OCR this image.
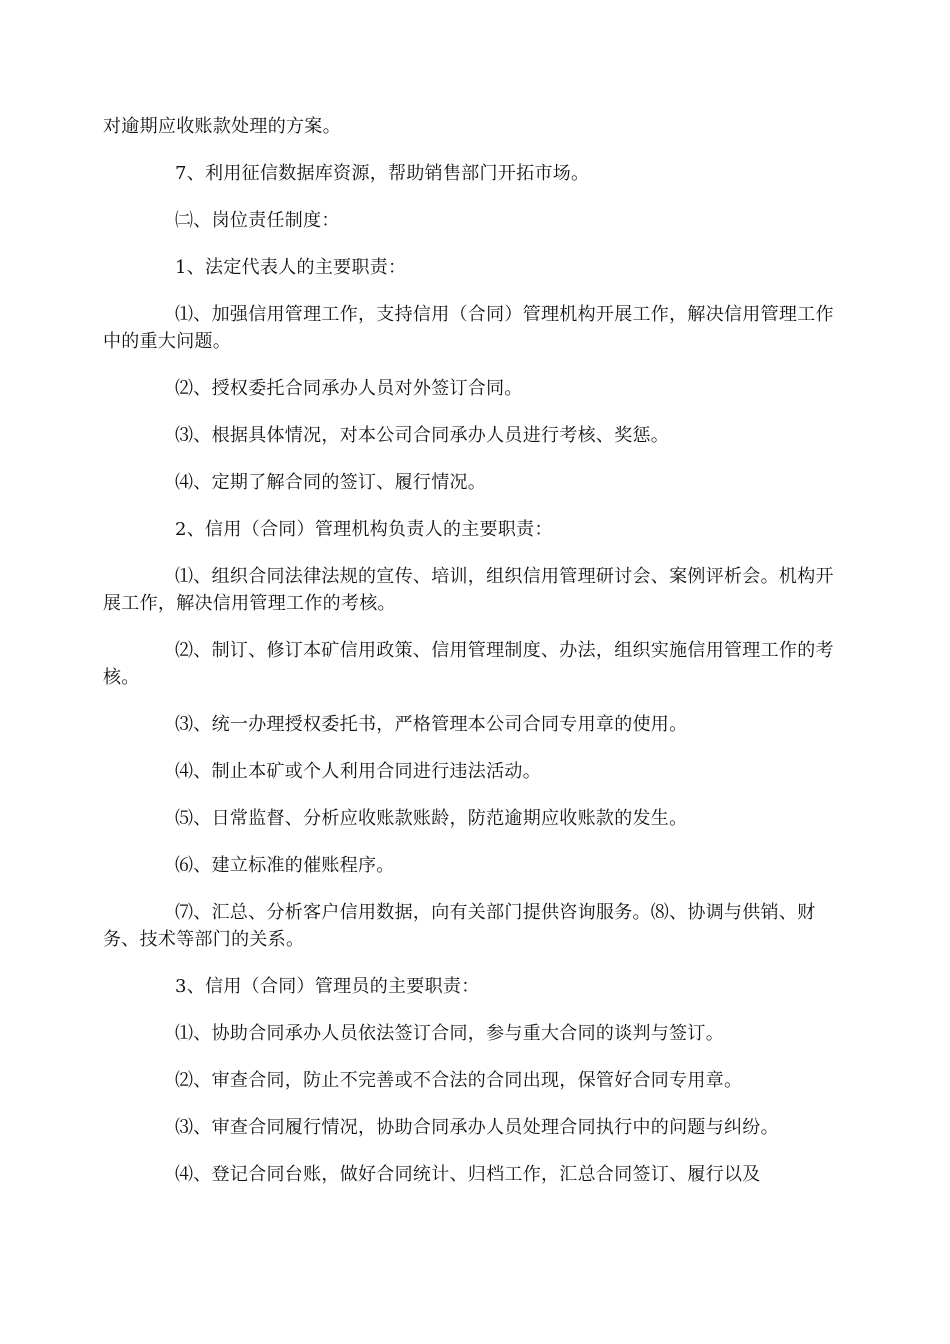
对逾期应收账款处理的方案。

7、利用征信数据库资源，帮助销售部门开拓市场。

㈡、岗位责任制度：

1、法定代表人的主要职责：

⑴、加强信用管理工作，支持信用（合同）管理机构开展工作，解决信用管理工作中的重大问题。

⑵、授权委托合同承办人员对外签订合同。

⑶、根据具体情况，对本公司合同承办人员进行考核、奖惩。

⑷、定期了解合同的签订、履行情况。

2、信用（合同）管理机构负责人的主要职责：

⑴、组织合同法律法规的宣传、培训，组织信用管理研讨会、案例评析会。机构开展工作，解决信用管理工作的考核。

⑵、制订、修订本矿信用政策、信用管理制度、办法，组织实施信用管理工作的考核。

⑶、统一办理授权委托书，严格管理本公司合同专用章的使用。

⑷、制止本矿或个人利用合同进行违法活动。

⑸、日常监督、分析应收账款账龄，防范逾期应收账款的发生。

⑹、建立标准的催账程序。

⑺、汇总、分析客户信用数据，向有关部门提供咨询服务。⑻、协调与供销、财务、技术等部门的关系。

3、信用（合同）管理员的主要职责：

⑴、协助合同承办人员依法签订合同，参与重大合同的谈判与签订。

⑵、审查合同，防止不完善或不合法的合同出现，保管好合同专用章。

⑶、审查合同履行情况，协助合同承办人员处理合同执行中的问题与纠纷。

⑷、登记合同台账，做好合同统计、归档工作，汇总合同签订、履行以及
